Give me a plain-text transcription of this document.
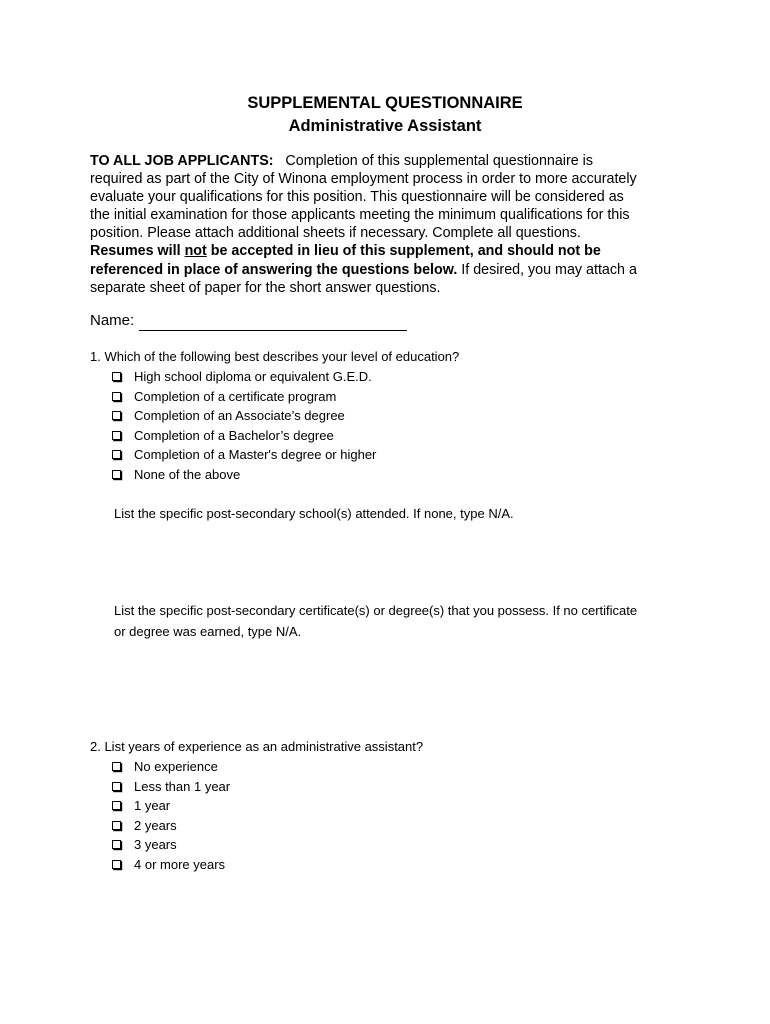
SUPPLEMENTAL QUESTIONNAIRE
Administrative Assistant
TO ALL JOB APPLICANTS: Completion of this supplemental questionnaire is
required as part of the City of Winona employment process in order to more accurately
evaluate your qualifications for this position. This questionnaire will be considered as
the initial examination for those applicants meeting the minimum qualifications for this
position. Please attach additional sheets if necessary. Complete all questions.
Resumes will not be accepted in lieu of this supplement, and should not be
referenced in place of answering the questions below. If desired, you may attach a
separate sheet of paper for the short answer questions.
Name:
1. Which of the following best describes your level of education?
High school diploma or equivalent G.E.D.
Completion of a certificate program
Completion of an Associate’s degree
Completion of a Bachelor’s degree
Completion of a Master's degree or higher
None of the above
List the specific post-secondary school(s) attended. If none, type N/A.
List the specific post-secondary certificate(s) or degree(s) that you possess. If no certificate
or degree was earned, type N/A.
2. List years of experience as an administrative assistant?
No experience
Less than 1 year
1 year
2 years
3 years
4 or more years
